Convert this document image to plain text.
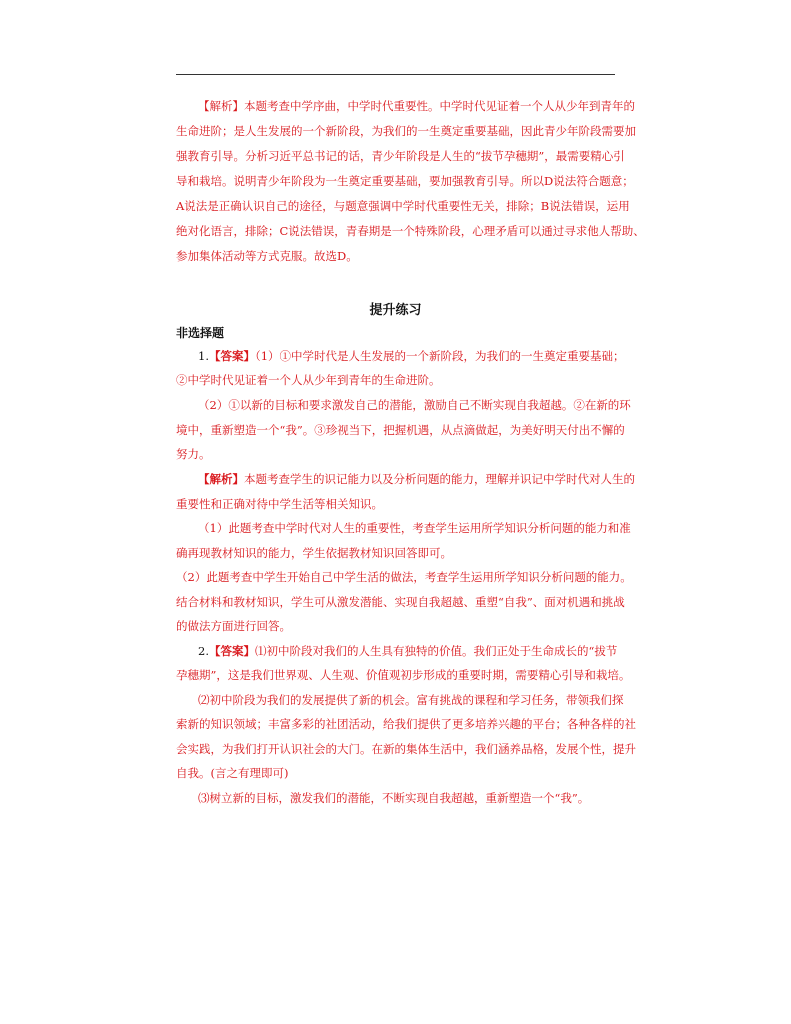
【解析】本题考查中学序曲，中学时代重要性。中学时代见证着一个人从少年到青年的
生命进阶；是人生发展的一个新阶段，为我们的一生奠定重要基础，因此青少年阶段需要加
强教育引导。分析习近平总书记的话，青少年阶段是人生的“拔节孕穗期”，最需要精心引
导和栽培。说明青少年阶段为一生奠定重要基础，要加强教育引导。所以D说法符合题意；
A说法是正确认识自己的途径，与题意强调中学时代重要性无关，排除；B说法错误，运用
绝对化语言，排除；C说法错误，青春期是一个特殊阶段，心理矛盾可以通过寻求他人帮助、
参加集体活动等方式克服。故选D。
提升练习
非选择题
1.【答案】（1）①中学时代是人生发展的一个新阶段，为我们的一生奠定重要基础；
②中学时代见证着一个人从少年到青年的生命进阶。
（2）①以新的目标和要求激发自己的潜能，激励自己不断实现自我超越。②在新的环
境中，重新塑造一个“我”。③珍视当下，把握机遇，从点滴做起，为美好明天付出不懈的
努力。
【解析】本题考查学生的识记能力以及分析问题的能力，理解并识记中学时代对人生的
重要性和正确对待中学生活等相关知识。
（1）此题考查中学时代对人生的重要性，考查学生运用所学知识分析问题的能力和准
确再现教材知识的能力，学生依据教材知识回答即可。
（2）此题考查中学生开始自己中学生活的做法，考查学生运用所学知识分析问题的能力。
结合材料和教材知识，学生可从激发潜能、实现自我超越、重塑“自我”、面对机遇和挑战
的做法方面进行回答。
2.【答案】⑴初中阶段对我们的人生具有独特的价值。我们正处于生命成长的“拔节
孕穗期”，这是我们世界观、人生观、价值观初步形成的重要时期，需要精心引导和栽培。
⑵初中阶段为我们的发展提供了新的机会。富有挑战的课程和学习任务，带领我们探
索新的知识领域；丰富多彩的社团活动，给我们提供了更多培养兴趣的平台；各种各样的社
会实践，为我们打开认识社会的大门。在新的集体生活中，我们涵养品格，发展个性，提升
自我。(言之有理即可)
⑶树立新的目标，激发我们的潜能，不断实现自我超越，重新塑造一个“我”。
